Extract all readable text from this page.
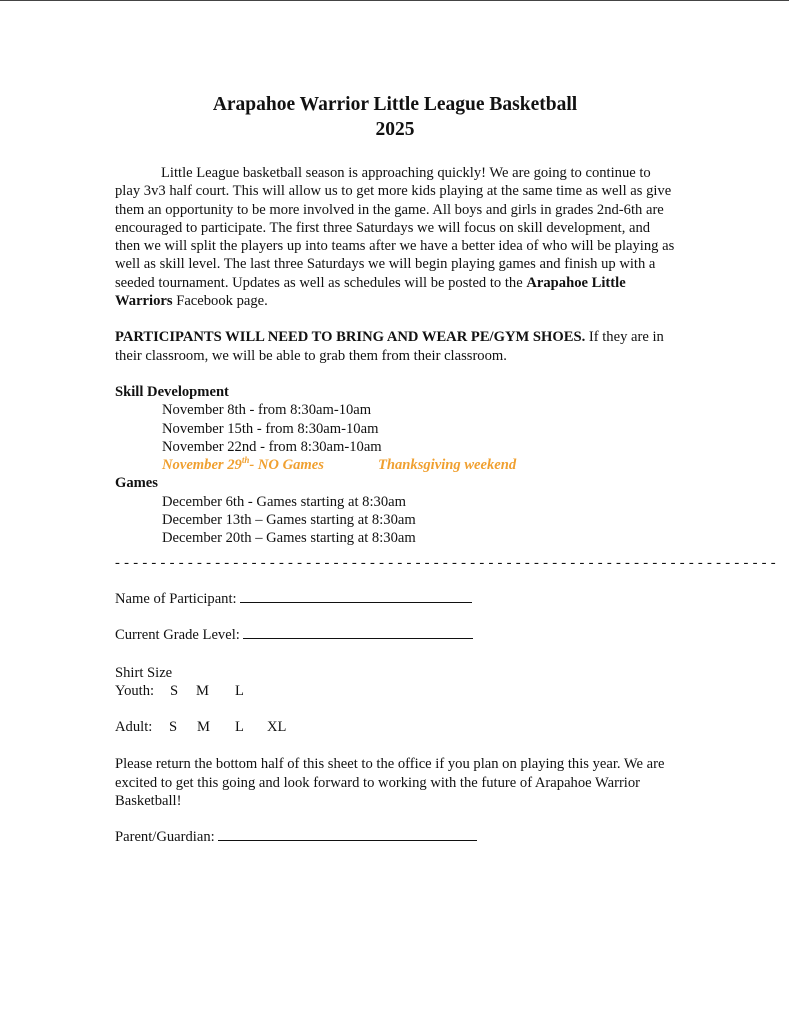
Arapahoe Warrior Little League Basketball
2025

Little League basketball season is approaching quickly! We are going to continue to play 3v3 half court. This will allow us to get more kids playing at the same time as well as give them an opportunity to be more involved in the game. All boys and girls in grades 2nd-6th are encouraged to participate. The first three Saturdays we will focus on skill development, and then we will split the players up into teams after we have a better idea of who will be playing as well as skill level. The last three Saturdays we will begin playing games and finish up with a seeded tournament. Updates as well as schedules will be posted to the Arapahoe Little Warriors Facebook page.

PARTICIPANTS WILL NEED TO BRING AND WEAR PE/GYM SHOES. If they are in their classroom, we will be able to grab them from their classroom.

Skill Development

November 8th - from 8:30am-10am
November 15th - from 8:30am-10am
November 22nd - from 8:30am-10am
November 29th- NO Games	Thanksgiving weekend

Games

December 6th - Games starting at 8:30am
December 13th – Games starting at 8:30am
December 20th – Games starting at 8:30am

- - - - - - - - - - - - - - - - - - - - - - - - - - - - - - - - - - - - - - - - - - - - - - - - - - - - - - - - - - - - - - - - - - - - - - - - -

Name of Participant:

Current Grade Level:

Shirt Size
Youth: S M L

Adult: S M L XL

Please return the bottom half of this sheet to the office if you plan on playing this year. We are excited to get this going and look forward to working with the future of Arapahoe Warrior Basketball!

Parent/Guardian:
